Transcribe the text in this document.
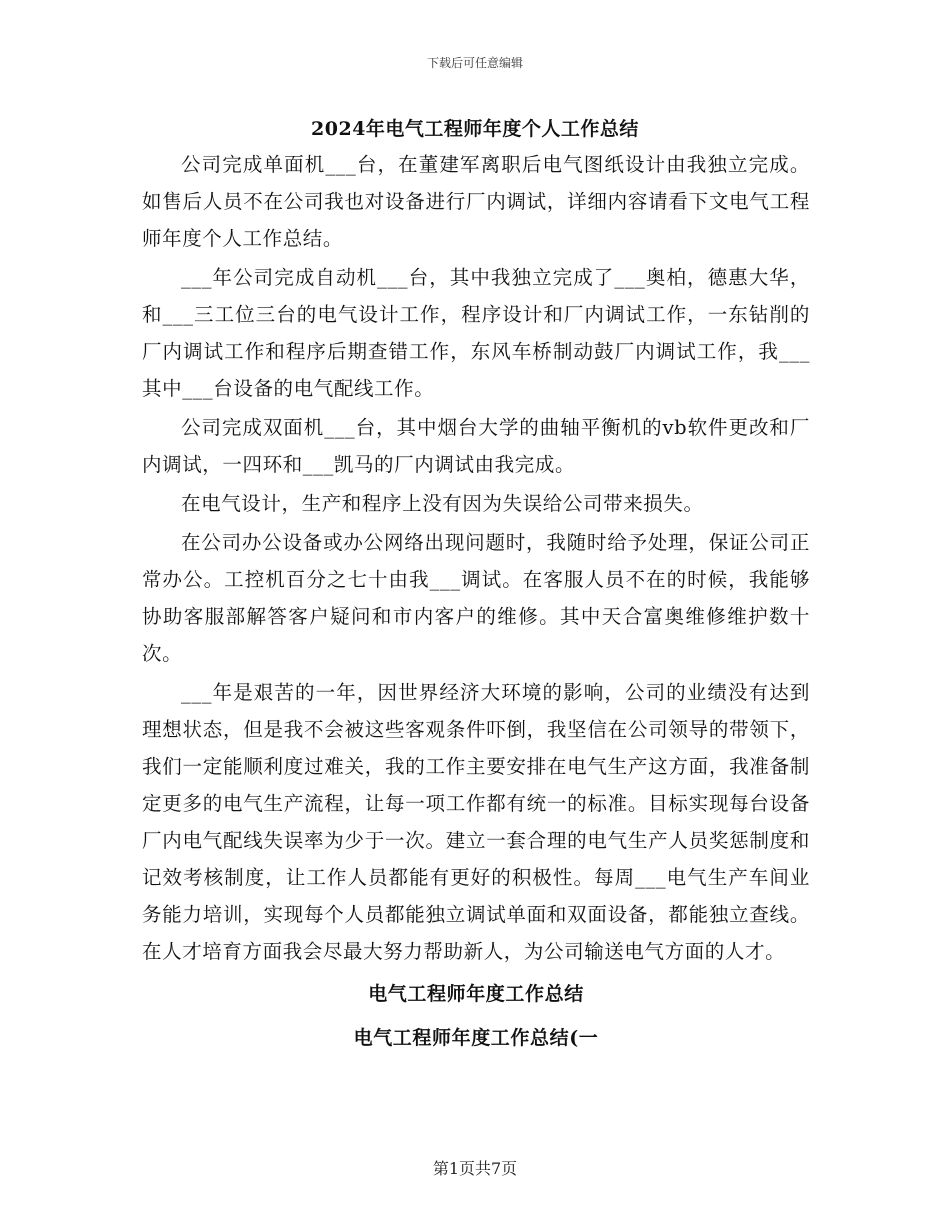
下载后可任意编辑
2024年电气工程师年度个人工作总结

公司完成单面机___台，在董建军离职后电气图纸设计由我独立完成。如售后人员不在公司我也对设备进行厂内调试，详细内容请看下文电气工程师年度个人工作总结。

___年公司完成自动机___台，其中我独立完成了___奥柏，德惠大华，和___三工位三台的电气设计工作，程序设计和厂内调试工作，一东钻削的厂内调试工作和程序后期查错工作，东风车桥制动鼓厂内调试工作，我___其中___台设备的电气配线工作。

公司完成双面机___台，其中烟台大学的曲轴平衡机的vb软件更改和厂内调试，一四环和___凯马的厂内调试由我完成。

在电气设计，生产和程序上没有因为失误给公司带来损失。

在公司办公设备或办公网络出现问题时，我随时给予处理，保证公司正常办公。工控机百分之七十由我___调试。在客服人员不在的时候，我能够协助客服部解答客户疑问和市内客户的维修。其中天合富奥维修维护数十次。

___年是艰苦的一年，因世界经济大环境的影响，公司的业绩没有达到理想状态，但是我不会被这些客观条件吓倒，我坚信在公司领导的带领下，我们一定能顺利度过难关，我的工作主要安排在电气生产这方面，我准备制定更多的电气生产流程，让每一项工作都有统一的标准。目标实现每台设备厂内电气配线失误率为少于一次。建立一套合理的电气生产人员奖惩制度和记效考核制度，让工作人员都能有更好的积极性。每周___电气生产车间业务能力培训，实现每个人员都能独立调试单面和双面设备，都能独立查线。在人才培育方面我会尽最大努力帮助新人，为公司输送电气方面的人才。

电气工程师年度工作总结
电气工程师年度工作总结(一
第1页共7页
